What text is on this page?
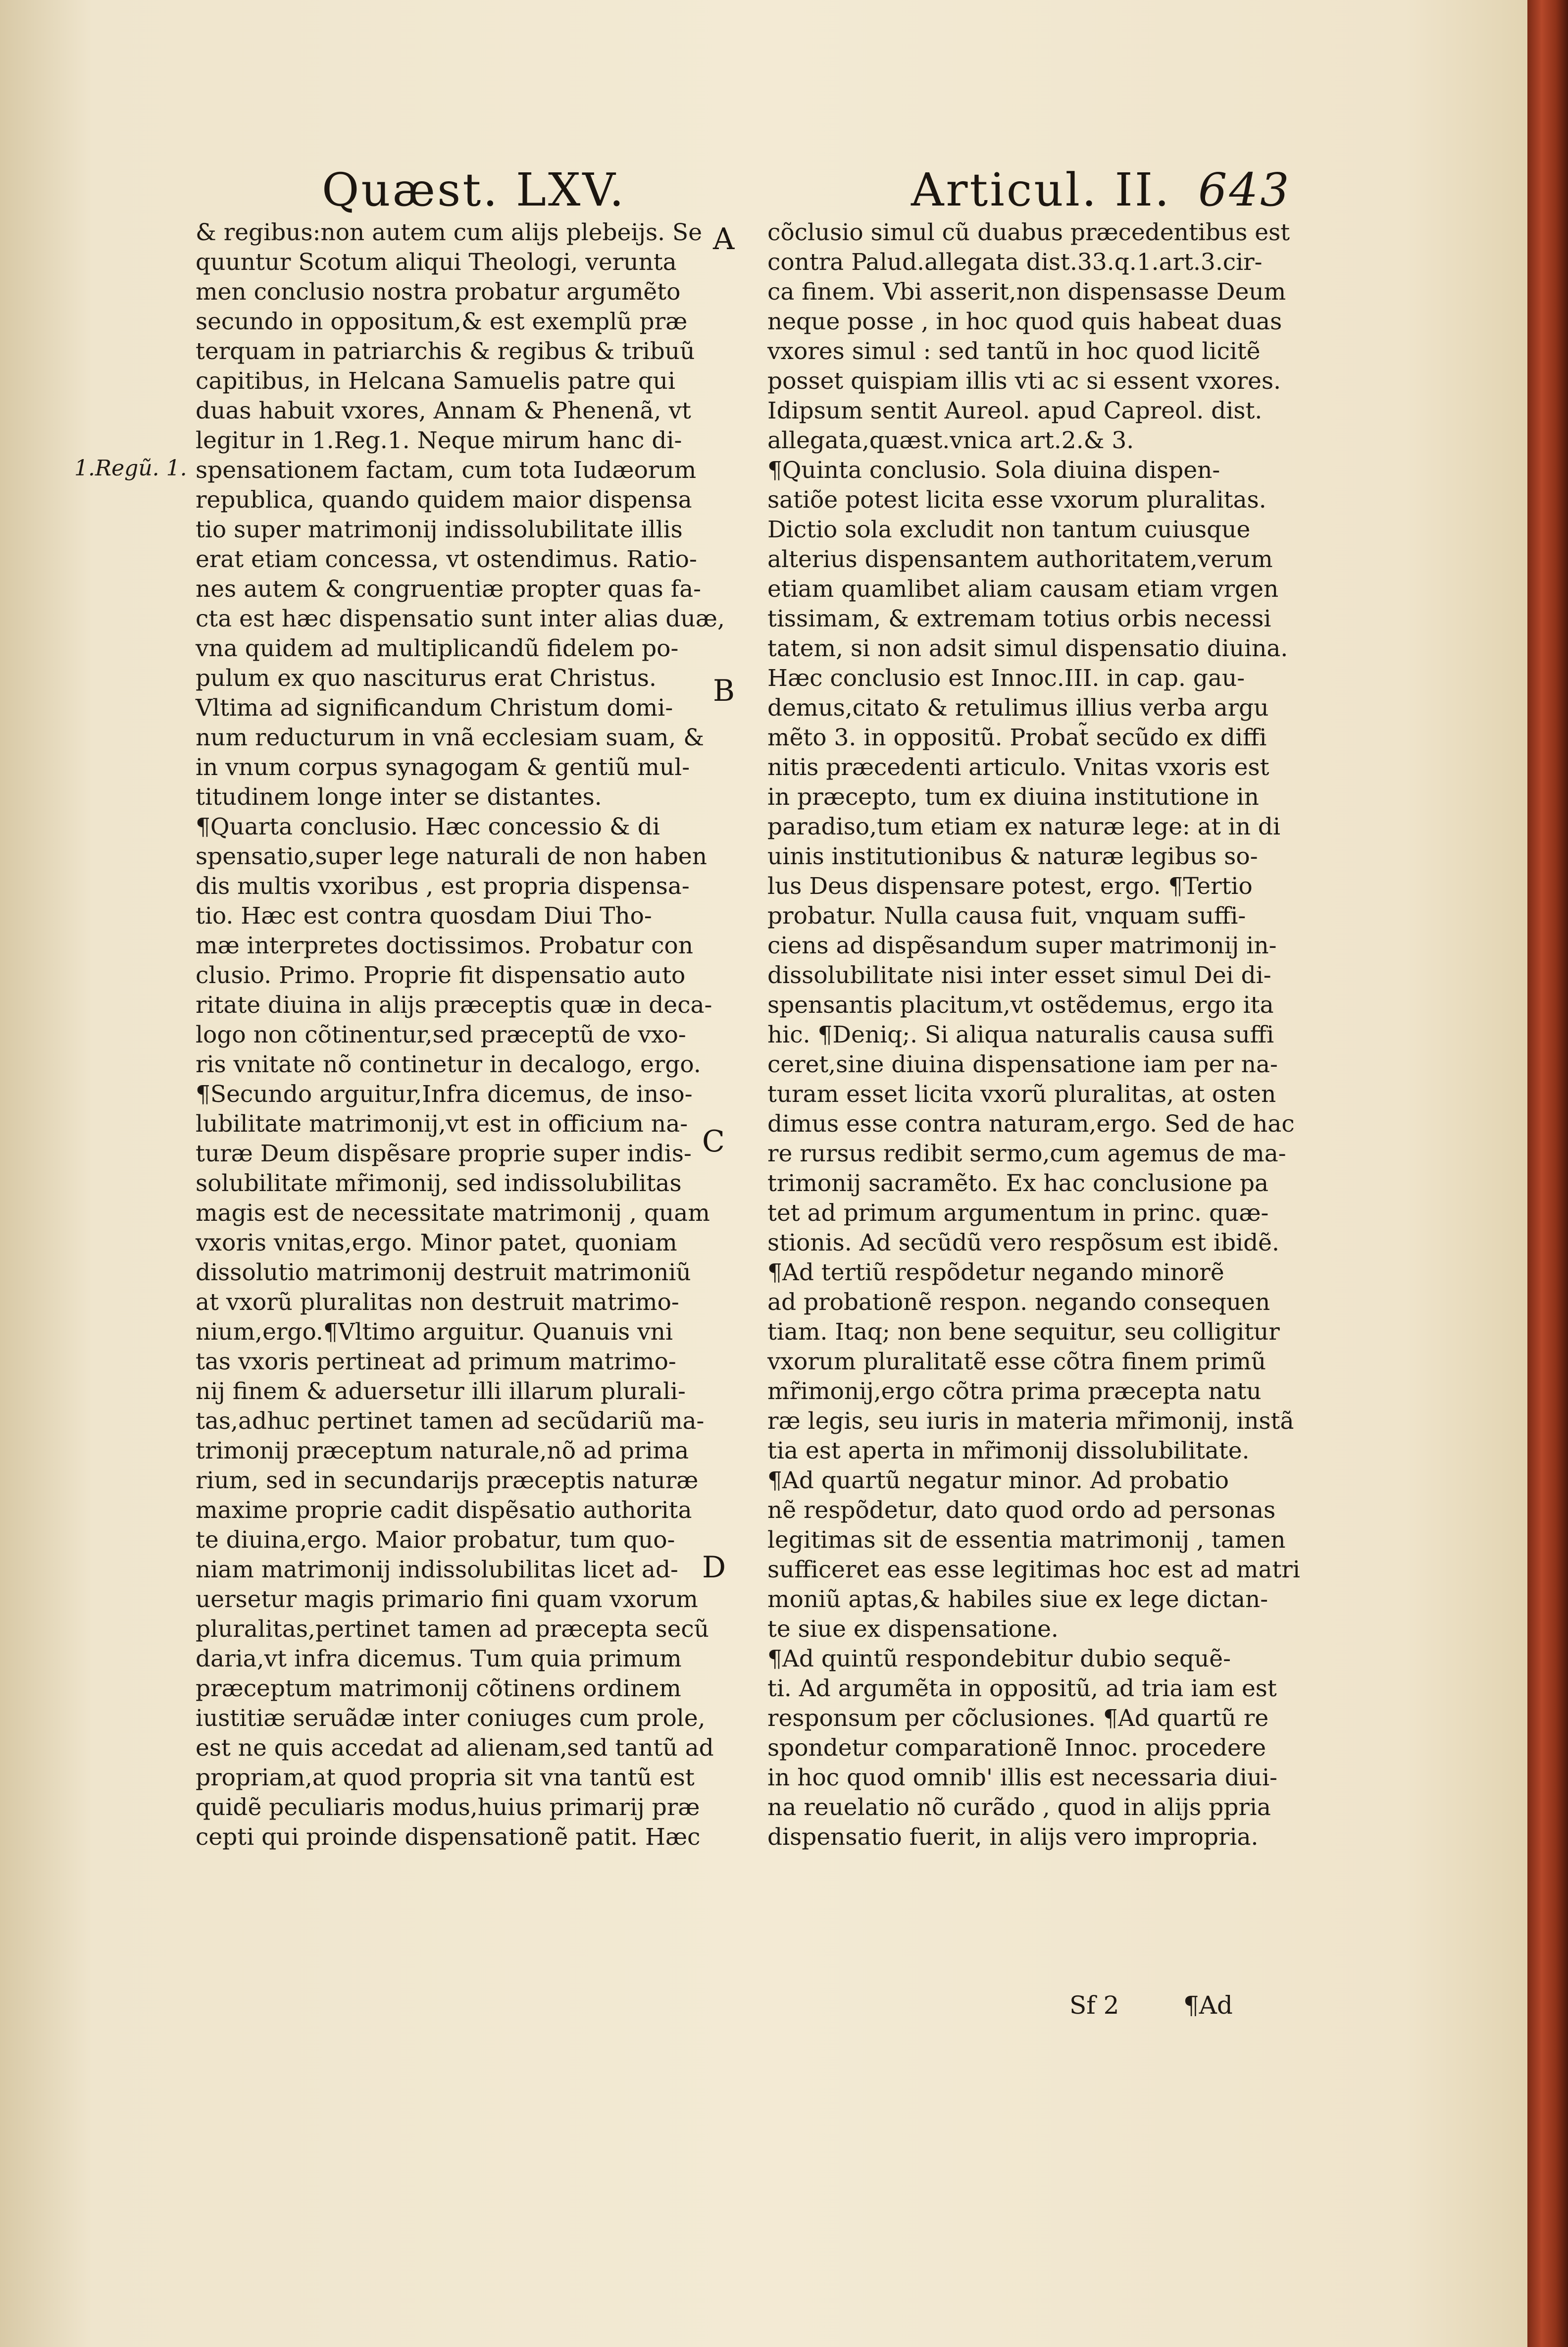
Quæst. LXV.	Articul. II. 643
1.Regũ. 1.
& regibus:non autem cum alijs plebeijs. Se
quuntur Scotum aliqui Theologi, verunta
men conclusio nostra probatur argumẽto
secundo in oppositum,& est exemplũ præ
terquam in patriarchis & regibus & tribuũ
capitibus, in Helcana Samuelis patre qui
duas habuit vxores, Annam & Phenenã, vt
legitur in 1.Reg.1. Neque mirum hanc di-
spensationem factam, cum tota Iudæorum
republica, quando quidem maior dispensa
tio super matrimonij indissolubilitate illis
erat etiam concessa, vt ostendimus. Ratio-
nes autem & congruentiæ propter quas fa-
cta est hæc dispensatio sunt inter alias duæ,
vna quidem ad multiplicandũ fidelem po-
pulum ex quo nasciturus erat Christus.
Vltima ad significandum Christum domi-
num reducturum in vnã ecclesiam suam, &
in vnum corpus synagogam & gentiũ mul-
titudinem longe inter se distantes.
¶Quarta conclusio. Hæc concessio & di
spensatio,super lege naturali de non haben
dis multis vxoribus , est propria dispensa-
tio. Hæc est contra quosdam Diui Tho-
mæ interpretes doctissimos. Probatur con
clusio. Primo. Proprie fit dispensatio auto
ritate diuina in alijs præceptis quæ in deca-
logo non cõtinentur,sed præceptũ de vxo-
ris vnitate nõ continetur in decalogo, ergo.
¶Secundo arguitur,Infra dicemus, de inso-
lubilitate matrimonij,vt est in officium na-
turæ Deum dispẽsare proprie super indis-
solubilitate mr̃imonij, sed indissolubilitas
magis est de necessitate matrimonij , quam
vxoris vnitas,ergo. Minor patet, quoniam
dissolutio matrimonij destruit matrimoniũ
at vxorũ pluralitas non destruit matrimo-
nium,ergo.¶Vltimo arguitur. Quanuis vni
tas vxoris pertineat ad primum matrimo-
nij finem & aduersetur illi illarum plurali-
tas,adhuc pertinet tamen ad secũdariũ ma-
trimonij præceptum naturale,nõ ad prima
rium, sed in secundarijs præceptis naturæ
maxime proprie cadit dispẽsatio authorita
te diuina,ergo. Maior probatur, tum quo-
niam matrimonij indissolubilitas licet ad-
uersetur magis primario fini quam vxorum
pluralitas,pertinet tamen ad præcepta secũ
daria,vt infra dicemus. Tum quia primum
præceptum matrimonij cõtinens ordinem
iustitiæ seruãdæ inter coniuges cum prole,
est ne quis accedat ad alienam,sed tantũ ad
propriam,at quod propria sit vna tantũ est
quidẽ peculiaris modus,huius primarij præ
cepti qui proinde dispensationẽ patit. Hæc
cõclusio simul cũ duabus præcedentibus est
contra Palud.allegata dist.33.q.1.art.3.cir-
ca finem. Vbi asserit,non dispensasse Deum
neque posse , in hoc quod quis habeat duas
vxores simul : sed tantũ in hoc quod licitẽ
posset quispiam illis vti ac si essent vxores.
Idipsum sentit Aureol. apud Capreol. dist.
allegata,quæst.vnica art.2.& 3.
¶Quinta conclusio. Sola diuina dispen-
satiõe potest licita esse vxorum pluralitas.
Dictio sola excludit non tantum cuiusque
alterius dispensantem authoritatem,verum
etiam quamlibet aliam causam etiam vrgen
tissimam, & extremam totius orbis necessi
tatem, si non adsit simul dispensatio diuina.
Hæc conclusio est Innoc.III. in cap. gau-
demus,citato & retulimus illius verba argu
mẽto 3. in oppositũ. Probat̃ secũdo ex diffi
nitis præcedenti articulo. Vnitas vxoris est
in præcepto, tum ex diuina institutione in
paradiso,tum etiam ex naturæ lege: at in di
uinis institutionibus & naturæ legibus so-
lus Deus dispensare potest, ergo. ¶Tertio
probatur. Nulla causa fuit, vnquam suffi-
ciens ad dispẽsandum super matrimonij in-
dissolubilitate nisi inter esset simul Dei di-
spensantis placitum,vt ostẽdemus, ergo ita
hic. ¶Deniq;. Si aliqua naturalis causa suffi
ceret,sine diuina dispensatione iam per na-
turam esset licita vxorũ pluralitas, at osten
dimus esse contra naturam,ergo. Sed de hac
re rursus redibit sermo,cum agemus de ma-
trimonij sacramẽto. Ex hac conclusione pa
tet ad primum argumentum in princ. quæ-
stionis. Ad secũdũ vero respõsum est ibidẽ.
¶Ad tertiũ respõdetur negando minorẽ
ad probationẽ respon. negando consequen
tiam. Itaq; non bene sequitur, seu colligitur
vxorum pluralitatẽ esse cõtra finem primũ
mr̃imonij,ergo cõtra prima præcepta natu
ræ legis, seu iuris in materia mr̃imonij, instã
tia est aperta in mr̃imonij dissolubilitate.
¶Ad quartũ negatur minor. Ad probatio
nẽ respõdetur, dato quod ordo ad personas
legitimas sit de essentia matrimonij , tamen
sufficeret eas esse legitimas hoc est ad matri
moniũ aptas,& habiles siue ex lege dictan-
te siue ex dispensatione.
¶Ad quintũ respondebitur dubio sequẽ-
ti. Ad argumẽta in oppositũ, ad tria iam est
responsum per cõclusiones. ¶Ad quartũ re
spondetur comparationẽ Innoc. procedere
in hoc quod omnib' illis est necessaria diui-
na reuelatio nõ curãdo , quod in alijs ppria
dispensatio fuerit, in alijs vero impropria.
A
B
C
D
Sf 2	¶Ad
